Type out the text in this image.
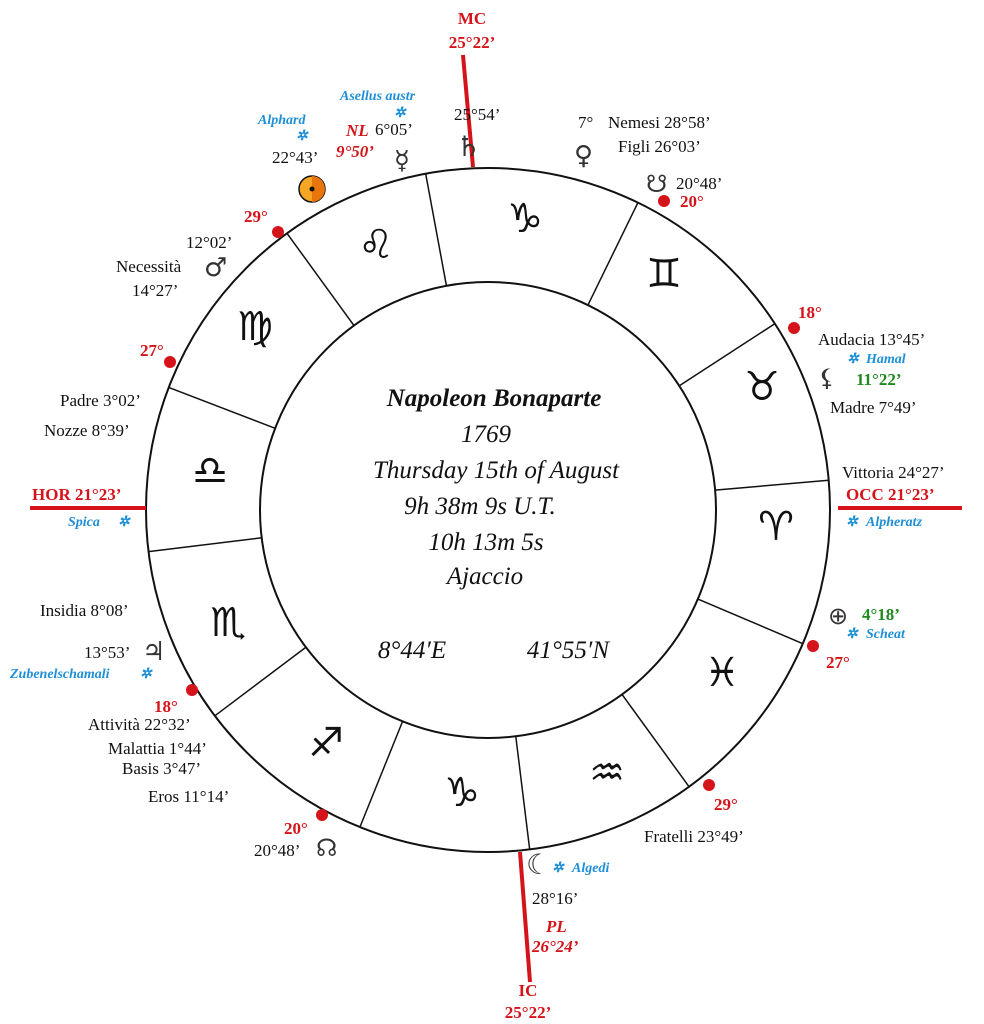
MC
25°22’
IC
25°22’
HOR 21°23’	OCC 21°23’
♑
♊
♉
♈
♓
♒
♑
♐
♏
♎
♍
♌
20°
18°
27°
29°
20°
18°
27°
29°
Napoleon Bonaparte
1769
Thursday 15th of August
9h 38m 9s U.T.
10h 13m 5s
Ajaccio
8°44′E	41°55′N
25°54’
♄
Asellus austr
✲
6°05’
☿
NL
9°50’
Alphard
✲
22°43’
7°
♀
Nemesi 28°58’
Figli 26°03’
☋ 20°48’
12°02’
Necessità ♂
14°27’
Audacia 13°45’
✲ Hamal
⚸ 11°22’
Madre 7°49’
Padre 3°02’
Nozze 8°39’
Spica ✲
Vittoria 24°27’
✲ Alpheratz
⊕ 4°18’
✲ Scheat
Insidia 8°08’
13°53’ ♃
Zubenelschamali ✲
Attività 22°32’
Malattia 1°44’
Basis 3°47’
Eros 11°14’
20°48’ ☊	Fratelli 23°49’
☾ ✲ Algedi
28°16’
PL
26°24’
